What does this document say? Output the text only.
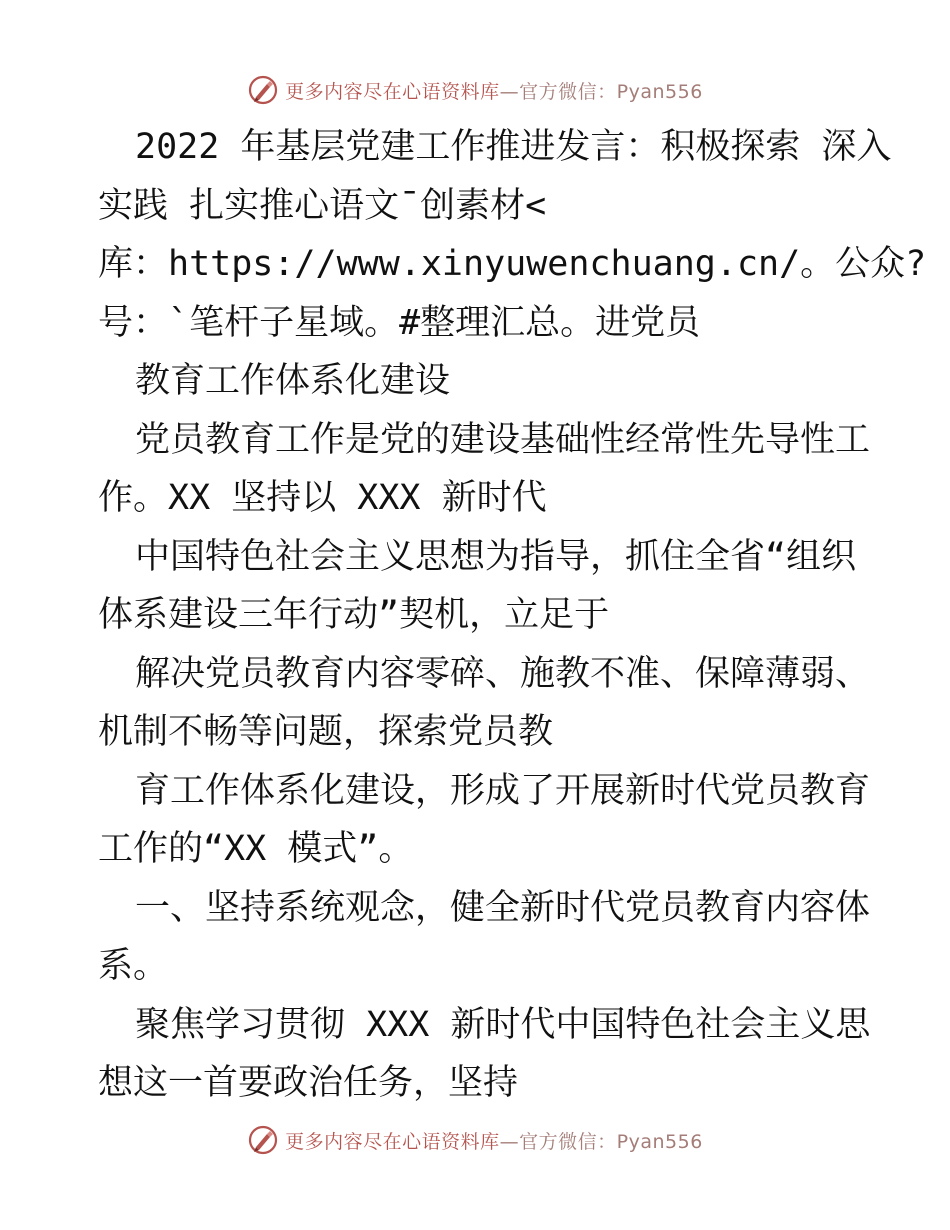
更多内容尽在心语资料库—官方微信：Pyan556
2022 年基层党建工作推进发言：积极探索 深入
实践 扎实推心语文¯创素材<
库：https://www.xinyuwenchuang.cn/。公众?
号：`笔杆子星域。#整理汇总。进党员
教育工作体系化建设
党员教育工作是党的建设基础性经常性先导性工
作。XX 坚持以 XXX 新时代
中国特色社会主义思想为指导，抓住全省“组织
体系建设三年行动”契机，立足于
解决党员教育内容零碎、施教不准、保障薄弱、
机制不畅等问题，探索党员教
育工作体系化建设，形成了开展新时代党员教育
工作的“XX 模式”。
一、坚持系统观念，健全新时代党员教育内容体
系。
聚焦学习贯彻 XXX 新时代中国特色社会主义思
想这一首要政治任务，坚持
更多内容尽在心语资料库—官方微信：Pyan556
